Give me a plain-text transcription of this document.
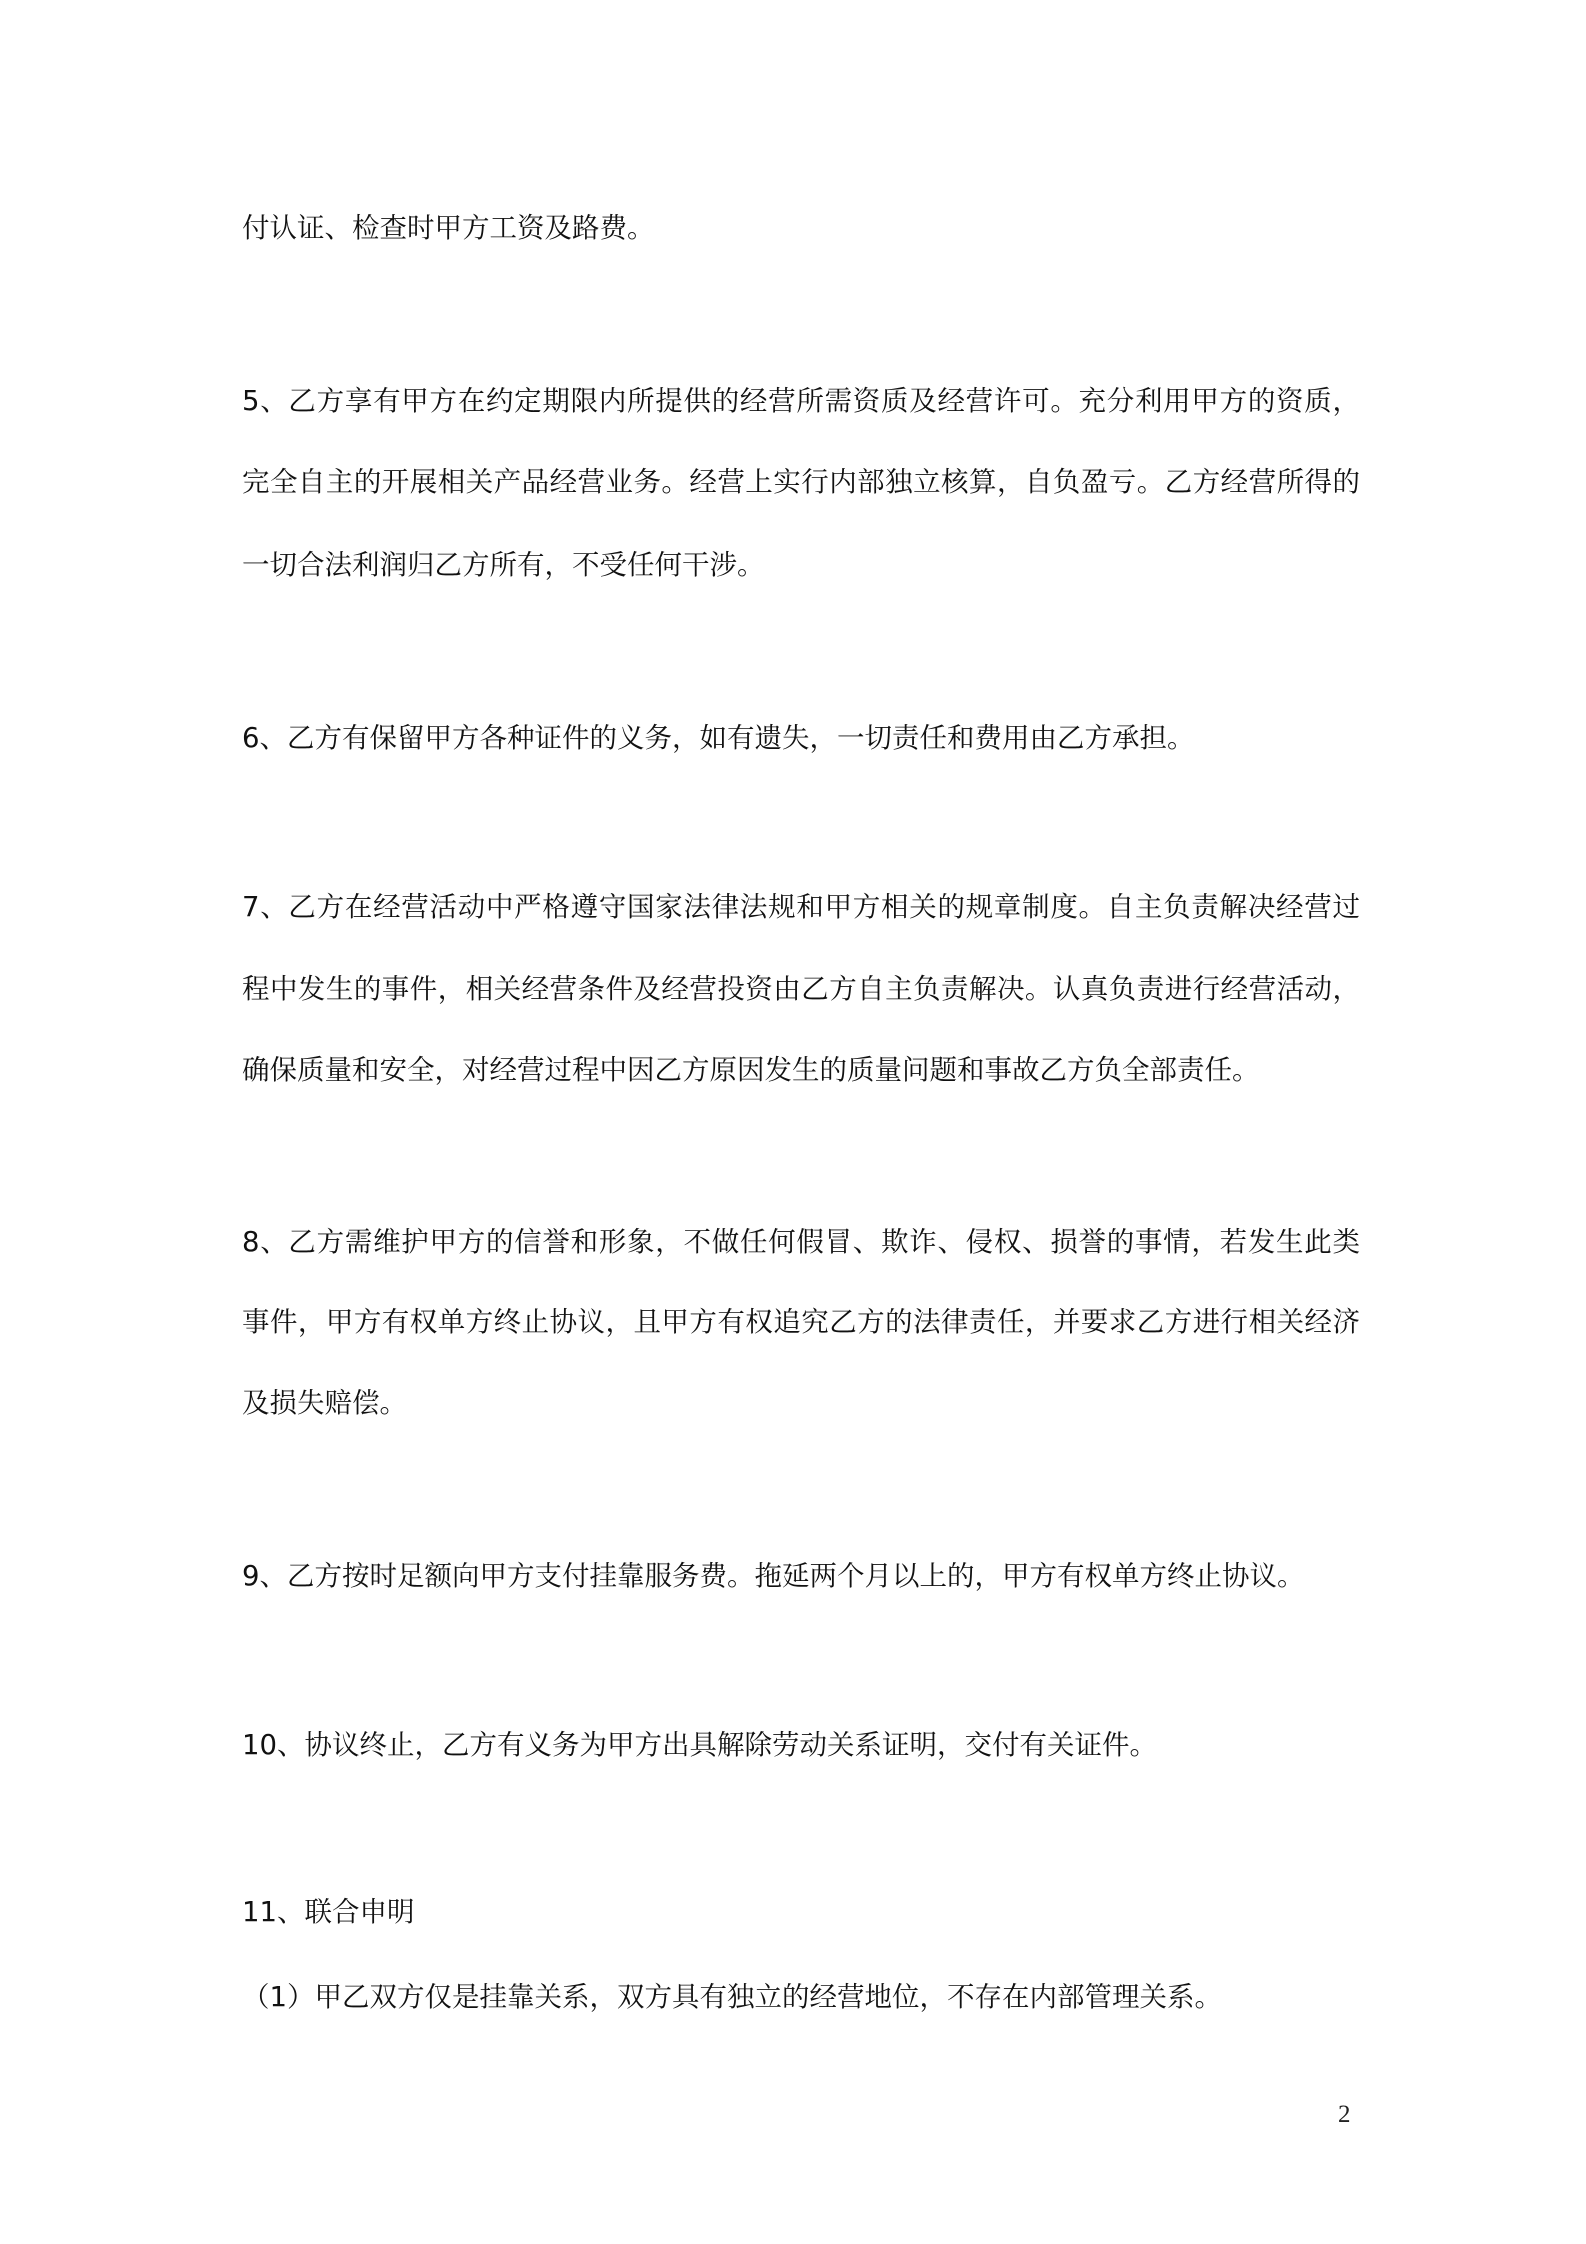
付认证、检查时甲方工资及路费。

5、乙方享有甲方在约定期限内所提供的经营所需资质及经营许可。充分利用甲方的资质，

完全自主的开展相关产品经营业务。经营上实行内部独立核算，自负盈亏。乙方经营所得的

一切合法利润归乙方所有，不受任何干涉。

6、乙方有保留甲方各种证件的义务，如有遗失，一切责任和费用由乙方承担。

7、乙方在经营活动中严格遵守国家法律法规和甲方相关的规章制度。自主负责解决经营过

程中发生的事件，相关经营条件及经营投资由乙方自主负责解决。认真负责进行经营活动，

确保质量和安全，对经营过程中因乙方原因发生的质量问题和事故乙方负全部责任。

8、乙方需维护甲方的信誉和形象，不做任何假冒、欺诈、侵权、损誉的事情，若发生此类

事件，甲方有权单方终止协议，且甲方有权追究乙方的法律责任，并要求乙方进行相关经济

及损失赔偿。

9、乙方按时足额向甲方支付挂靠服务费。拖延两个月以上的，甲方有权单方终止协议。

10、协议终止，乙方有义务为甲方出具解除劳动关系证明，交付有关证件。

11、联合申明

（1）甲乙双方仅是挂靠关系，双方具有独立的经营地位，不存在内部管理关系。

2
